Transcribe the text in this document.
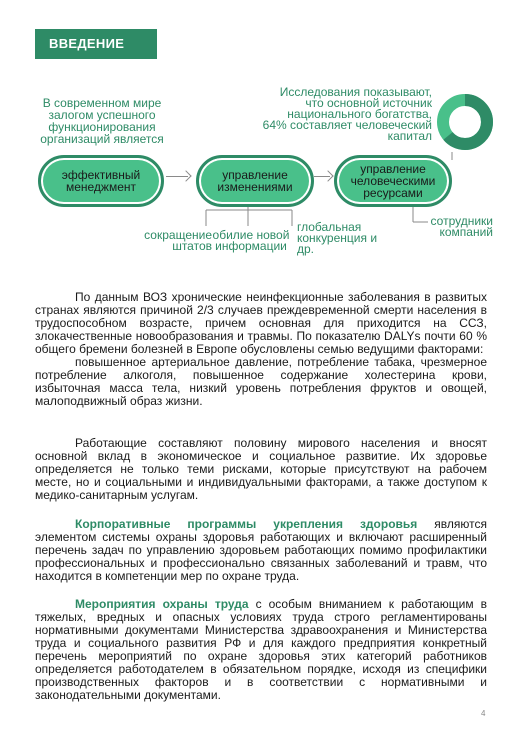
ВВЕДЕНИЕ
В современном мире залогом успешного функционирования организаций является
Исследования показывают, что основной источник национального богатства, 64% составляет человеческий капитал	64%
эффективный менеджмент
управление изменениями
управление человеческими ресурсами
сокращение штатов
обилие новой информации
глобальная конкуренция и др.
сотрудники компаний
По данным ВОЗ хронические неинфекционные заболевания в развитых странах являются причиной 2/3 случаев преждевременной смерти населения в трудоспособном возрасте, причем основная для приходится на ССЗ, злокачественные новообразования и травмы. По показателю DALYs почти 60 % общего бремени болезней в Европе обусловлены семью ведущими факторами:
повышенное артериальное давление, потребление табака, чрезмерное потребление алкоголя, повышенное содержание холестерина крови, избыточная масса тела, низкий уровень потребления фруктов и овощей, малоподвижный образ жизни.
Работающие составляют половину мирового населения и вносят основной вклад в экономическое и социальное развитие. Их здоровье определяется не только теми рисками, которые присутствуют на рабочем месте, но и социальными и индивидуальными факторами, а также доступом к медико-санитарным услугам.
Корпоративные программы укрепления здоровья являются элементом системы охраны здоровья работающих и включают расширенный перечень задач по управлению здоровьем работающих помимо профилактики профессиональных и профессионально связанных заболеваний и травм, что находится в компетенции мер по охране труда.
Мероприятия охраны труда с особым вниманием к работающим в тяжелых, вредных и опасных условиях труда строго регламентированы нормативными документами Министерства здравоохранения и Министерства труда и социального развития РФ и для каждого предприятия конкретный перечень мероприятий по охране здоровья этих категорий работников определяется работодателем в обязательном порядке, исходя из специфики производственных факторов и в соответствии с нормативными и законодательными документами.
4
